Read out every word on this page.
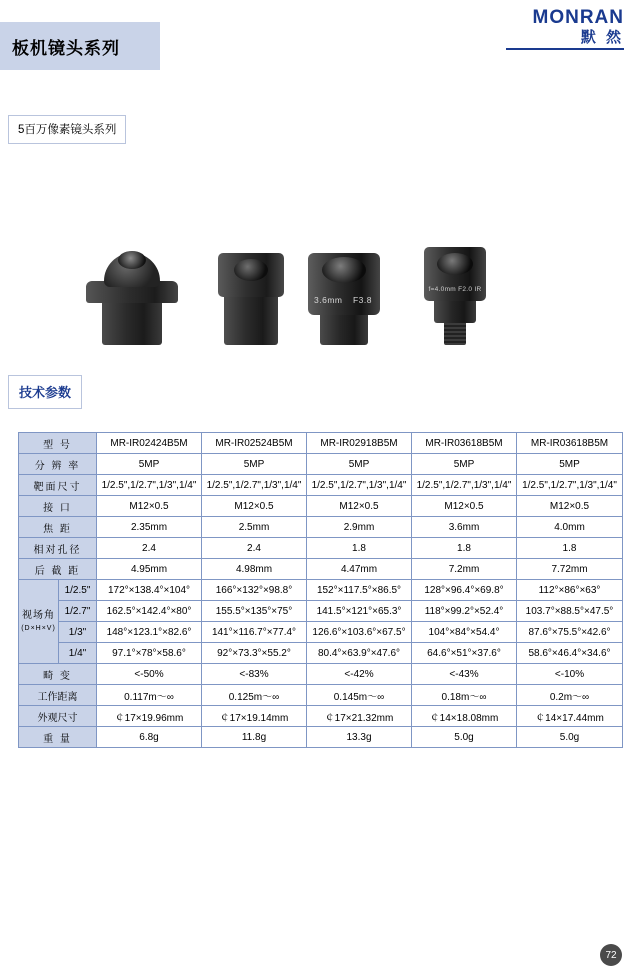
MONRAN
默 然
板机镜头系列
5百万像素镜头系列
3.6mm F3.8
f=4.0mm F2.0 IR
技术参数
型 号		MR-IR02424B5M	MR-IR02524B5M	MR-IR02918B5M	MR-IR03618B5M	MR-IR03618B5M
分 辨 率		5MP	5MP	5MP	5MP	5MP
靶面尺寸		1/2.5",1/2.7",1/3",1/4"	1/2.5",1/2.7",1/3",1/4"	1/2.5",1/2.7",1/3",1/4"	1/2.5",1/2.7",1/3",1/4"	1/2.5",1/2.7",1/3",1/4"
接 口		M12×0.5	M12×0.5	M12×0.5	M12×0.5	M12×0.5
焦 距		2.35mm	2.5mm	2.9mm	3.6mm	4.0mm
相对孔径		2.4	2.4	1.8	1.8	1.8
后 截 距		4.95mm	4.98mm	4.47mm	7.2mm	7.72mm
视场角
(D×H×V)	1/2.5"	172°×138.4°×104°	166°×132°×98.8°	152°×117.5°×86.5°	128°×96.4°×69.8°	112°×86°×63°
	1/2.7"	162.5°×142.4°×80°	155.5°×135°×75°	141.5°×121°×65.3°	118°×99.2°×52.4°	103.7°×88.5°×47.5°
	1/3"	148°×123.1°×82.6°	141°×116.7°×77.4°	126.6°×103.6°×67.5°	104°×84°×54.4°	87.6°×75.5°×42.6°
	1/4"	97.1°×78°×58.6°	92°×73.3°×55.2°	80.4°×63.9°×47.6°	64.6°×51°×37.6°	58.6°×46.4°×34.6°
畸 变		<-50%	<-83%	<-42%	<-43%	<-10%
工作距离		0.117m～∞	0.125m～∞	0.145m～∞	0.18m～∞	0.2m～∞
外观尺寸		￠17×19.96mm	￠17×19.14mm	￠17×21.32mm	￠14×18.08mm	￠14×17.44mm
重 量		6.8g	11.8g	13.3g	5.0g	5.0g
72
